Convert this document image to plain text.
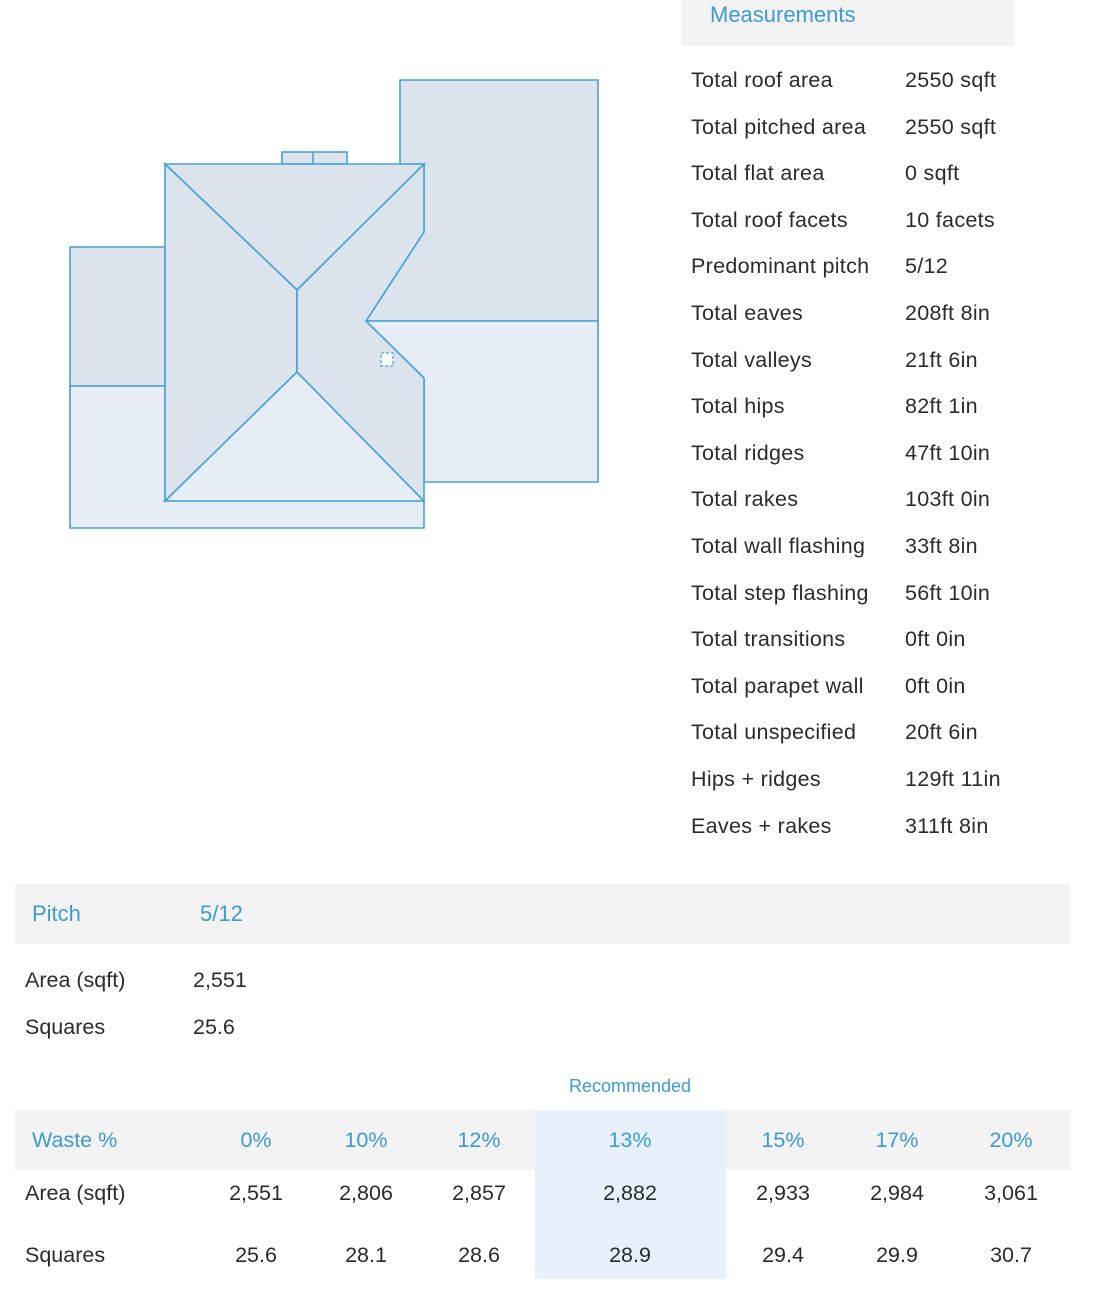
Measurements
Total roof area	2550 sqft
Total pitched area 2550 sqft
Total flat area	0 sqft
Total roof facets	10 facets
Predominant pitch 5/12
Total eaves	208ft 8in
Total valleys	21ft 6in
Total hips	82ft 1in
Total ridges	47ft 10in
Total rakes	103ft 0in
Total wall flashing 33ft 8in
Total step flashing 56ft 10in
Total transitions	0ft 0in
Total parapet wall 0ft 0in
Total unspecified 20ft 6in
Hips + ridges	129ft 11in
Eaves + rakes	311ft 8in
Pitch	5/12
Area (sqft)	2,551
Squares	25.6
Recommended
Waste %	0%	10%	12%	13%	15%	17%	20%
Area (sqft)	2,551	2,806	2,857	2,882	2,933	2,984	3,061
Squares	25.6	28.1	28.6	28.9	29.4	29.9	30.7
